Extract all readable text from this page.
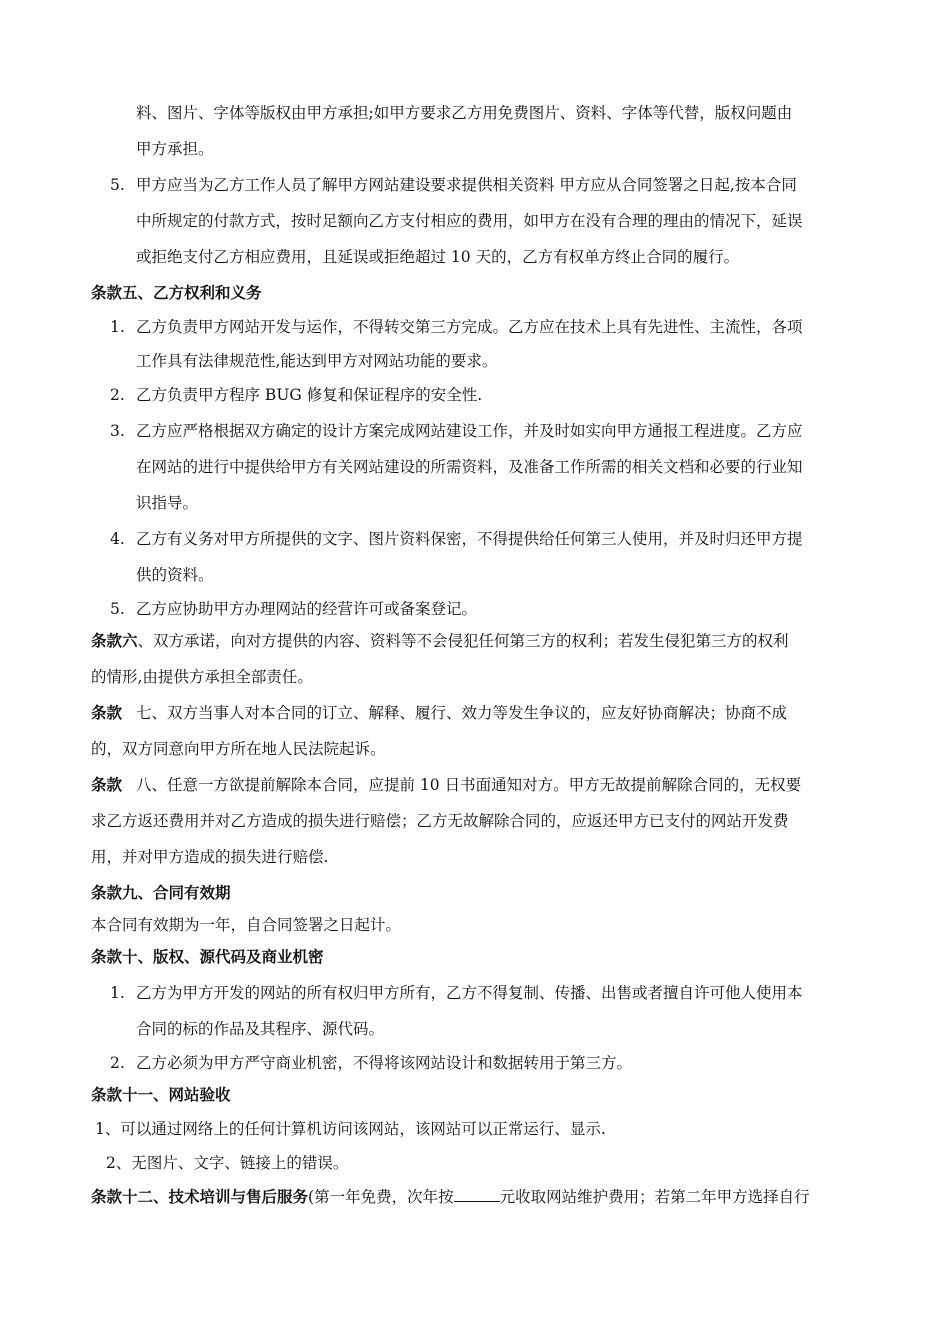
料、图片、字体等版权由甲方承担;如甲方要求乙方用免费图片、资料、字体等代替，版权问题由
甲方承担。
5. 甲方应当为乙方工作人员了解甲方网站建设要求提供相关资料 甲方应从合同签署之日起,按本合同
中所规定的付款方式，按时足额向乙方支付相应的费用，如甲方在没有合理的理由的情况下，延误
或拒绝支付乙方相应费用，且延误或拒绝超过 10 天的，乙方有权单方终止合同的履行。
条款五、乙方权利和义务
1. 乙方负责甲方网站开发与运作，不得转交第三方完成。乙方应在技术上具有先进性、主流性，各项
工作具有法律规范性,能达到甲方对网站功能的要求。
2. 乙方负责甲方程序 BUG 修复和保证程序的安全性.
3. 乙方应严格根据双方确定的设计方案完成网站建设工作，并及时如实向甲方通报工程进度。乙方应
在网站的进行中提供给甲方有关网站建设的所需资料，及准备工作所需的相关文档和必要的行业知
识指导。
4. 乙方有义务对甲方所提供的文字、图片资料保密，不得提供给任何第三人使用，并及时归还甲方提
供的资料。
5. 乙方应协助甲方办理网站的经营许可或备案登记。
条款六、双方承诺，向对方提供的内容、资料等不会侵犯任何第三方的权利；若发生侵犯第三方的权利
的情形,由提供方承担全部责任。
条款 七、双方当事人对本合同的订立、解释、履行、效力等发生争议的，应友好协商解决；协商不成
的，双方同意向甲方所在地人民法院起诉。
条款 八、任意一方欲提前解除本合同，应提前 10 日书面通知对方。甲方无故提前解除合同的，无权要
求乙方返还费用并对乙方造成的损失进行赔偿；乙方无故解除合同的，应返还甲方已支付的网站开发费
用，并对甲方造成的损失进行赔偿.
条款九、合同有效期
本合同有效期为一年，自合同签署之日起计。
条款十、版权、源代码及商业机密
1. 乙方为甲方开发的网站的所有权归甲方所有，乙方不得复制、传播、出售或者擅自许可他人使用本
合同的标的作品及其程序、源代码。
2. 乙方必须为甲方严守商业机密，不得将该网站设计和数据转用于第三方。
条款十一、网站验收
1、可以通过网络上的任何计算机访问该网站，该网站可以正常运行、显示.
2、无图片、文字、链接上的错误。
条款十二、技术培训与售后服务(第一年免费，次年按	元收取网站维护费用；若第二年甲方选择自行
